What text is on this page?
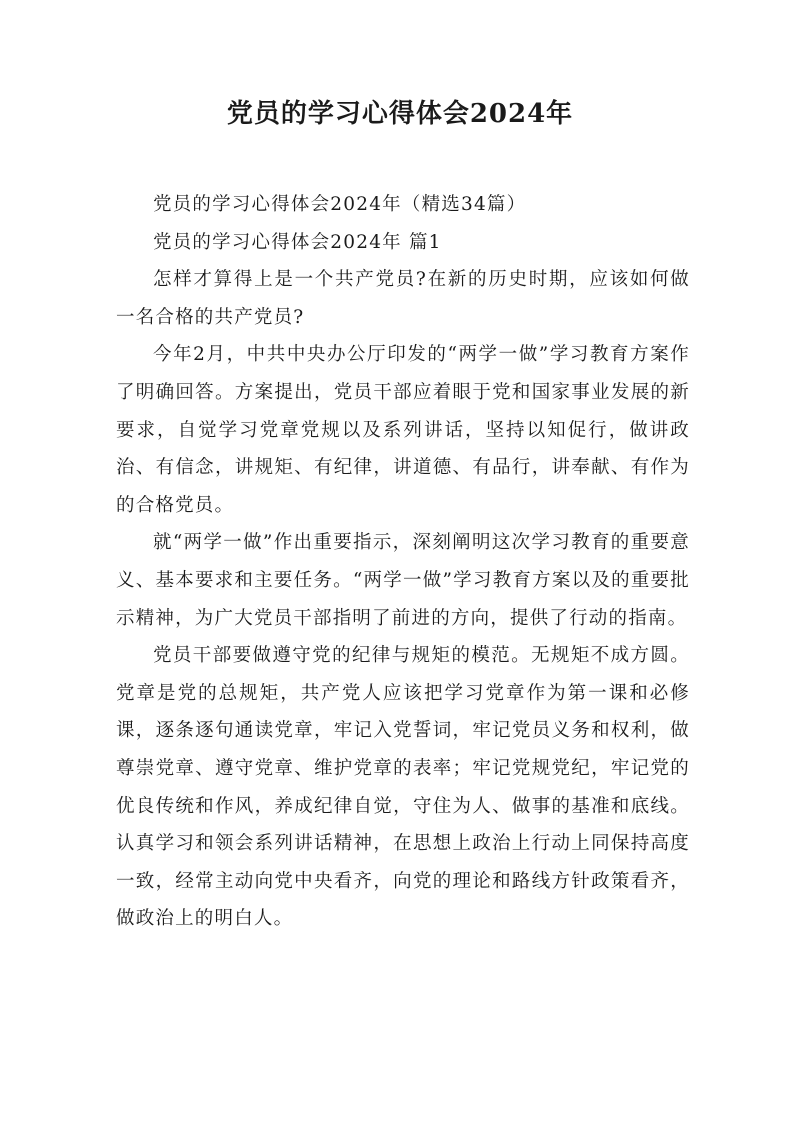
党员的学习心得体会2024年

党员的学习心得体会2024年（精选34篇）

党员的学习心得体会2024年 篇1

怎样才算得上是一个共产党员?在新的历史时期，应该如何做一名合格的共产党员?

今年2月，中共中央办公厅印发的“两学一做”学习教育方案作了明确回答。方案提出，党员干部应着眼于党和国家事业发展的新要求，自觉学习党章党规以及系列讲话，坚持以知促行，做讲政治、有信念，讲规矩、有纪律，讲道德、有品行，讲奉献、有作为的合格党员。

就“两学一做”作出重要指示，深刻阐明这次学习教育的重要意义、基本要求和主要任务。“两学一做”学习教育方案以及的重要批示精神，为广大党员干部指明了前进的方向，提供了行动的指南。

党员干部要做遵守党的纪律与规矩的模范。无规矩不成方圆。党章是党的总规矩，共产党人应该把学习党章作为第一课和必修课，逐条逐句通读党章，牢记入党誓词，牢记党员义务和权利，做尊崇党章、遵守党章、维护党章的表率；牢记党规党纪，牢记党的优良传统和作风，养成纪律自觉，守住为人、做事的基准和底线。认真学习和领会系列讲话精神，在思想上政治上行动上同保持高度一致，经常主动向党中央看齐，向党的理论和路线方针政策看齐，做政治上的明白人。
